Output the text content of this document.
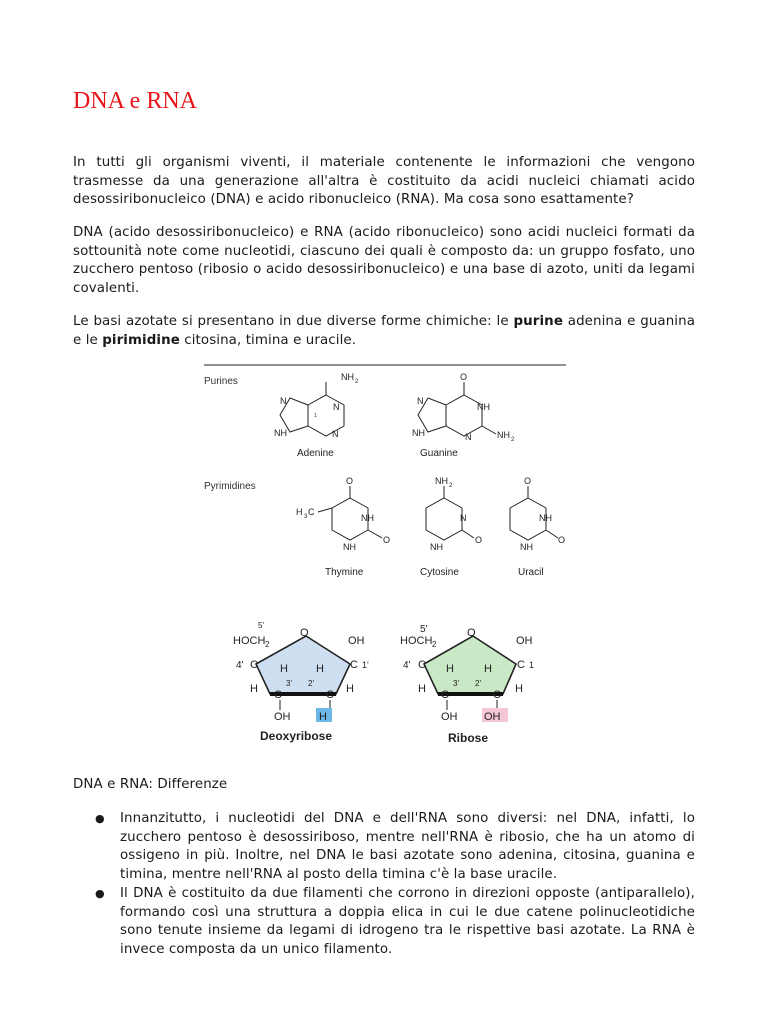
DNA e RNA

In tutti gli organismi viventi, il materiale contenente le informazioni che vengono trasmesse da una generazione all'altra è costituito da acidi nucleici chiamati acido desossiribonucleico (DNA) e acido ribonucleico (RNA). Ma cosa sono esattamente?

DNA (acido desossiribonucleico) e RNA (acido ribonucleico) sono acidi nucleici formati da sottounità note come nucleotidi, ciascuno dei quali è composto da: un gruppo fosfato, uno zucchero pentoso (ribosio o acido desossiribonucleico) e una base di azoto, uniti da legami covalenti.

Le basi azotate si presentano in due diverse forme chimiche: le purine adenina e guanina e le pirimidine citosina, timina e uracile.

Purines
Pyrimidines
NH 2
N
NH
N
N
1
Adenine
O
N
NH
NH
N	NH 2
Guanine
O
H 3 C
NH
NH
O
Thymine
NH 2
N
NH
O
Cytosine
O
NH
NH
O
Uracil
O
HOCH 2
5'
4' C	C 1'
OH
H	H
H	H
3' 2'
C	C
OH	H
Deoxyribose
O
HOCH 2
5'
4' C	C 1
OH
H	H
H	H
3' 2'
C	C
OH OH
Ribose

DNA e RNA: Differenze

● Innanzitutto, i nucleotidi del DNA e dell'RNA sono diversi: nel DNA, infatti, lo zucchero pentoso è desossiriboso, mentre nell'RNA è ribosio, che ha un atomo di ossigeno in più. Inoltre, nel DNA le basi azotate sono adenina, citosina, guanina e timina, mentre nell'RNA al posto della timina c'è la base uracile.
● Il DNA è costituito da due filamenti che corrono in direzioni opposte (antiparallelo), formando così una struttura a doppia elica in cui le due catene polinucleotidiche sono tenute insieme da legami di idrogeno tra le rispettive basi azotate. La RNA è invece composta da un unico filamento.
